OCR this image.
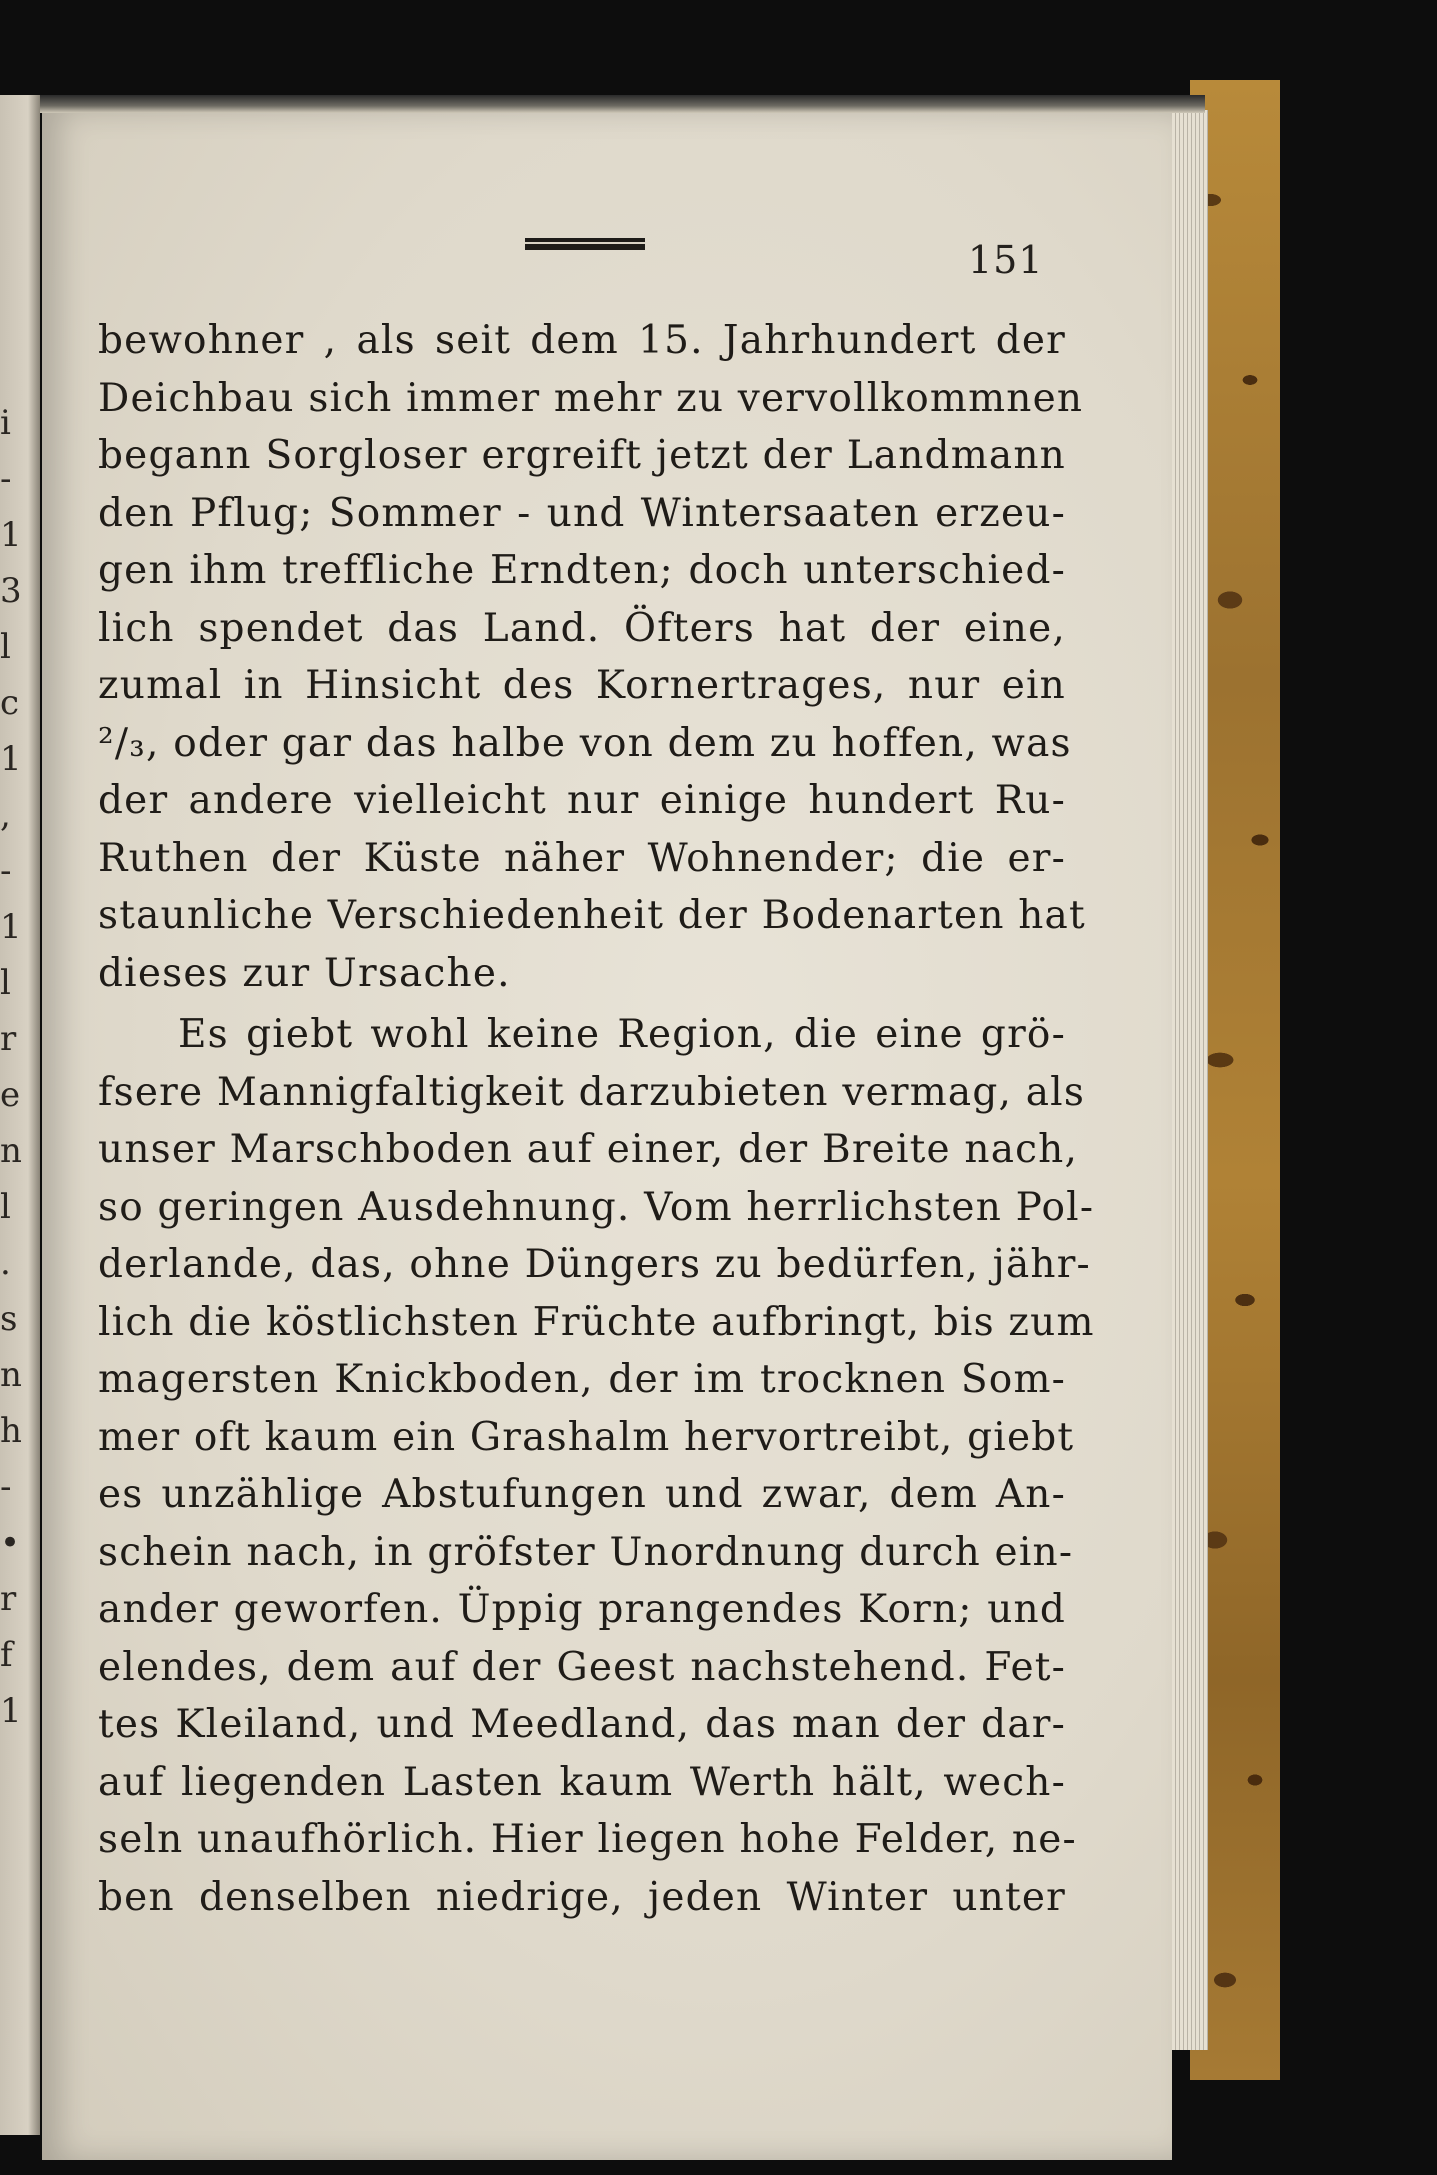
i
-
1
3
l
c
1
,
-
1
l
r
e
n
l
.
s
n
h
-
•
r
f
1
151
bewohner , als seit dem 15. Jahrhundert der
Deichbau sich immer mehr zu vervollkommnen
begann Sorgloser ergreift jetzt der Landmann
den Pflug; Sommer - und Wintersaaten erzeu-
gen ihm treffliche Erndten; doch unterschied-
lich spendet das Land. Öfters hat der eine,
zumal in Hinsicht des Kornertrages, nur ein
²/₃, oder gar das halbe von dem zu hoffen, was
der andere vielleicht nur einige hundert Ru-
Ruthen der Küste näher Wohnender; die er-
staunliche Verschiedenheit der Bodenarten hat
dieses zur Ursache.
Es giebt wohl keine Region, die eine grö-
fsere Mannigfaltigkeit darzubieten vermag, als
unser Marschboden auf einer, der Breite nach,
so geringen Ausdehnung. Vom herrlichsten Pol-
derlande, das, ohne Düngers zu bedürfen, jähr-
lich die köstlichsten Früchte aufbringt, bis zum
magersten Knickboden, der im trocknen Som-
mer oft kaum ein Grashalm hervortreibt, giebt
es unzählige Abstufungen und zwar, dem An-
schein nach, in gröfster Unordnung durch ein-
ander geworfen. Üppig prangendes Korn; und
elendes, dem auf der Geest nachstehend. Fet-
tes Kleiland, und Meedland, das man der dar-
auf liegenden Lasten kaum Werth hält, wech-
seln unaufhörlich. Hier liegen hohe Felder, ne-
ben denselben niedrige, jeden Winter unter
